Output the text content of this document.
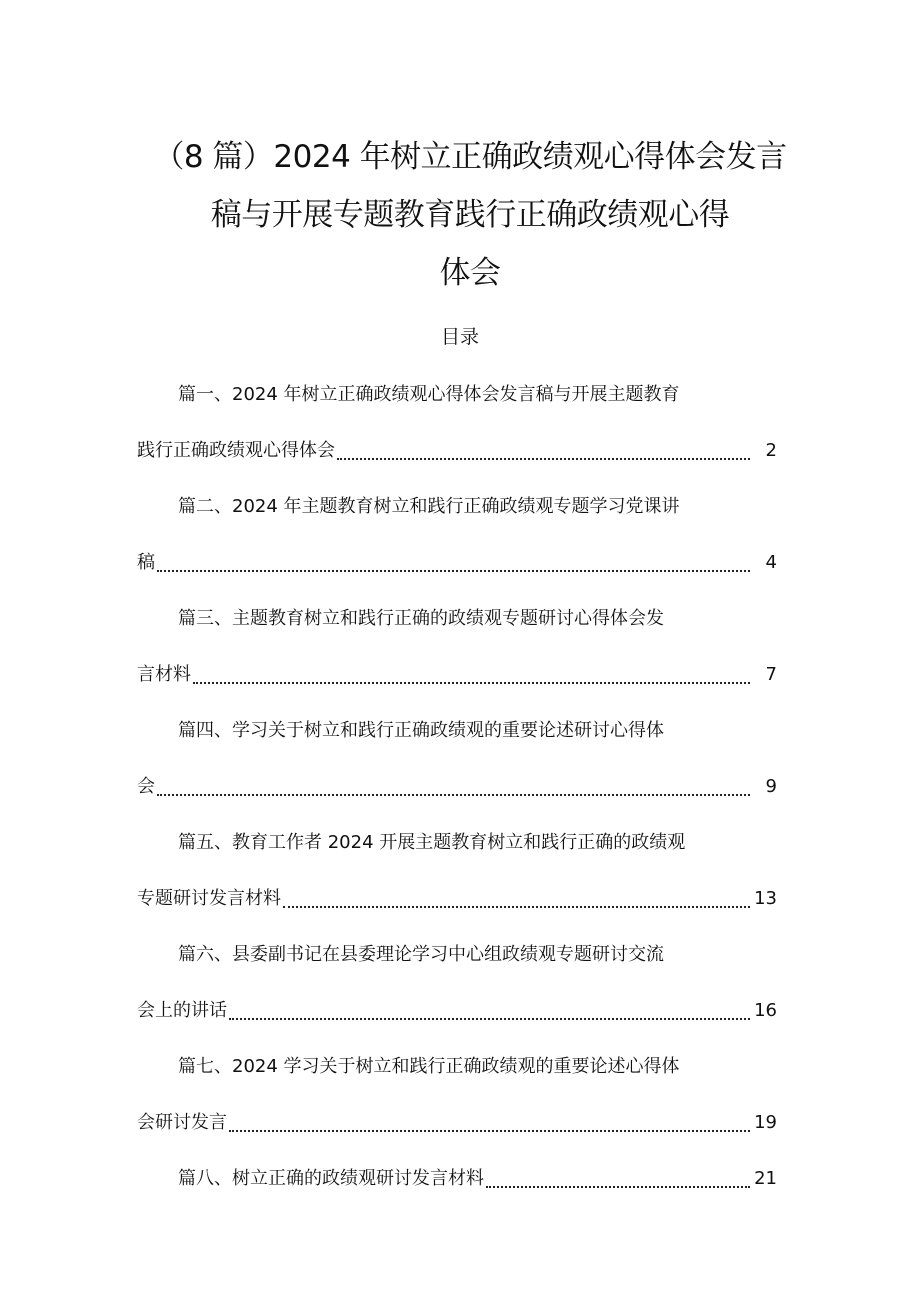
（8 篇）2024 年树立正确政绩观心得体会发言
稿与开展专题教育践行正确政绩观心得
体会
目录
篇一、2024 年树立正确政绩观心得体会发言稿与开展主题教育
践行正确政绩观心得体会	2
篇二、2024 年主题教育树立和践行正确政绩观专题学习党课讲
稿	4
篇三、主题教育树立和践行正确的政绩观专题研讨心得体会发
言材料	7
篇四、学习关于树立和践行正确政绩观的重要论述研讨心得体
会	9
篇五、教育工作者 2024 开展主题教育树立和践行正确的政绩观
专题研讨发言材料	13
篇六、县委副书记在县委理论学习中心组政绩观专题研讨交流
会上的讲话	16
篇七、2024 学习关于树立和践行正确政绩观的重要论述心得体
会研讨发言	19
篇八、树立正确的政绩观研讨发言材料	21
